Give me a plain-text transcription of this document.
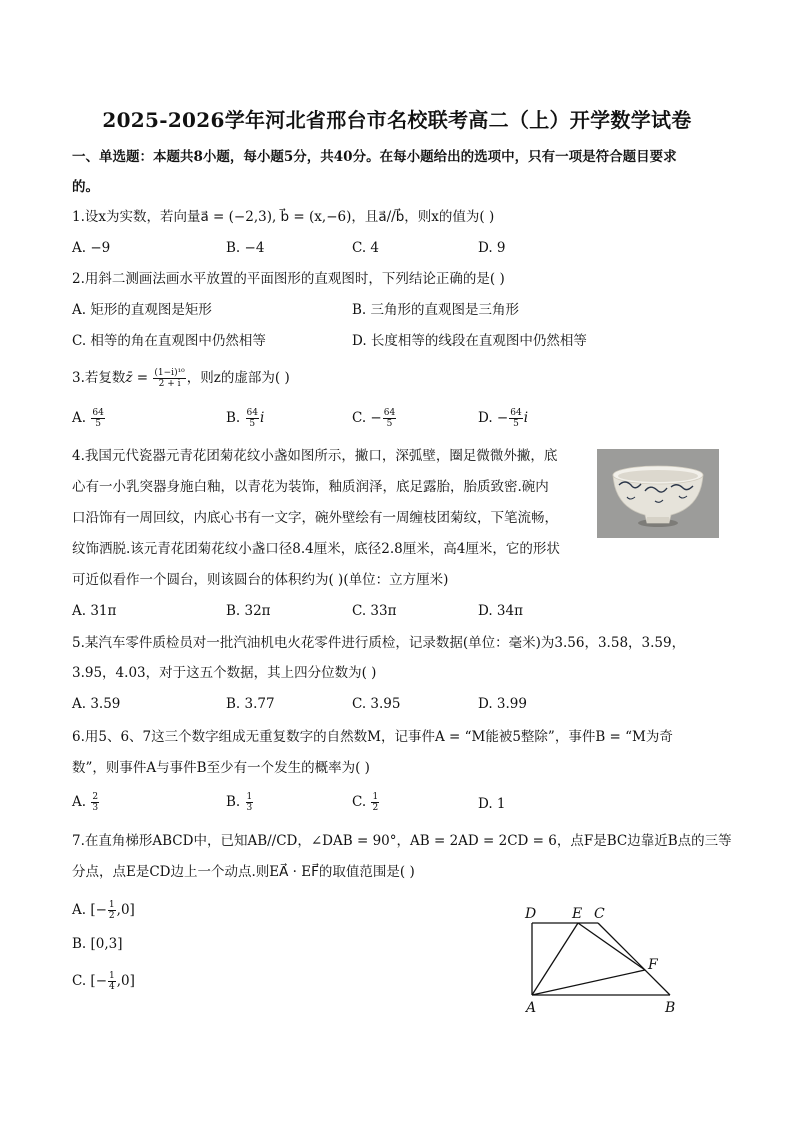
2025-2026学年河北省邢台市名校联考高二（上）开学数学试卷
一、单选题：本题共8小题，每小题5分，共40分。在每小题给出的选项中，只有一项是符合题目要求
的。
1.设x为实数，若向量a⃗ = (−2,3), b⃗ = (x,−6)，且a⃗//b⃗，则x的值为( )
A. −9	B. −4	C. 4	D. 9
2.用斜二测画法画水平放置的平面图形的直观图时，下列结论正确的是( )
A. 矩形的直观图是矩形	B. 三角形的直观图是三角形
C. 相等的角在直观图中仍然相等	D. 长度相等的线段在直观图中仍然相等
3.若复数z̄ = $\frac{\text{(1−i)¹⁰}}{2 + i}$ ，则z的虚部为( )
A. $\frac{64}{5}$	B. $\frac{64}{5}$ i	C. − $\frac{64}{5}$	D. − $\frac{64}{5}$ i
4.我国元代瓷器元青花团菊花纹小盏如图所示，撇口，深弧壁，圈足微微外撇，底
心有一小乳突器身施白釉，以青花为装饰，釉质润泽，底足露胎，胎质致密.碗内
口沿饰有一周回纹，内底心书有一文字，碗外壁绘有一周缠枝团菊纹，下笔流畅，
纹饰洒脱.该元青花团菊花纹小盏口径8.4厘米，底径2.8厘米，高4厘米，它的形状
可近似看作一个圆台，则该圆台的体积约为( )(单位：立方厘米)
A. 31π	B. 32π	C. 33π	D. 34π
5.某汽车零件质检员对一批汽油机电火花零件进行质检，记录数据(单位：毫米)为3.56，3.58，3.59，
3.95，4.03，对于这五个数据，其上四分位数为( )
A. 3.59	B. 3.77	C. 3.95	D. 3.99
6.用5、6、7这三个数字组成无重复数字的自然数M，记事件A = “M能被5整除”，事件B = “M为奇
数”，则事件A与事件B至少有一个发生的概率为( )
A. $\frac{2}{3}$	B. $\frac{1}{3}$	C. $\frac{1}{2}$	D. 1
7.在直角梯形ABCD中，已知AB//CD，∠DAB = 90°，AB = 2AD = 2CD = 6，点F是BC边靠近B点的三等
分点，点E是CD边上一个动点.则EA⃗ · EF⃗的取值范围是( )
A. [− $\frac{1}{2} ,0$]
B. [0,3]
C. [− $\frac{1}{4} ,0$]
D	E C
F
A	B
